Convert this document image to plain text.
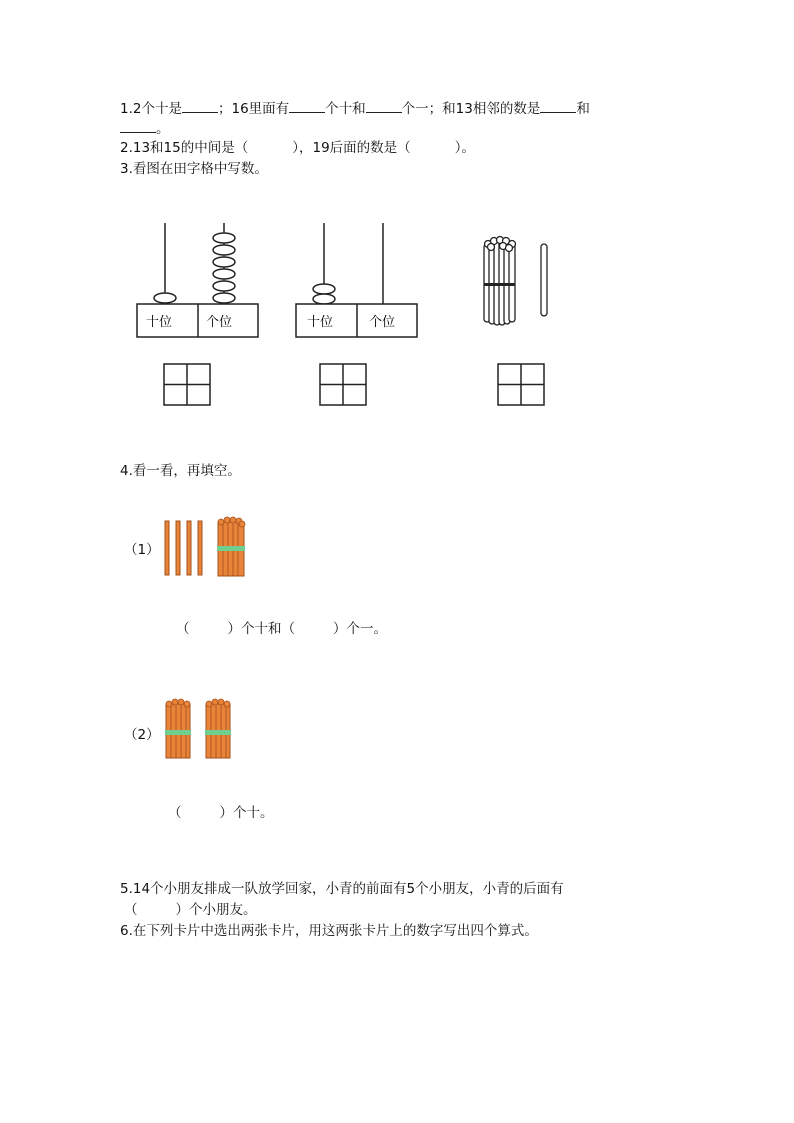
1.2个十是	；16里面有	个十和	个一；和13相邻的数是	和
。
2.13和15的中间是（	），19后面的数是（	）。
3.看图在田字格中写数。
十位	个位	十位	个位
4.看一看，再填空。
（1）
（	）个十和（	）个一。
（2）
（	）个十。
5.14个小朋友排成一队放学回家，小青的前面有5个小朋友，小青的后面有
（	）个小朋友。
6.在下列卡片中选出两张卡片，用这两张卡片上的数字写出四个算式。
